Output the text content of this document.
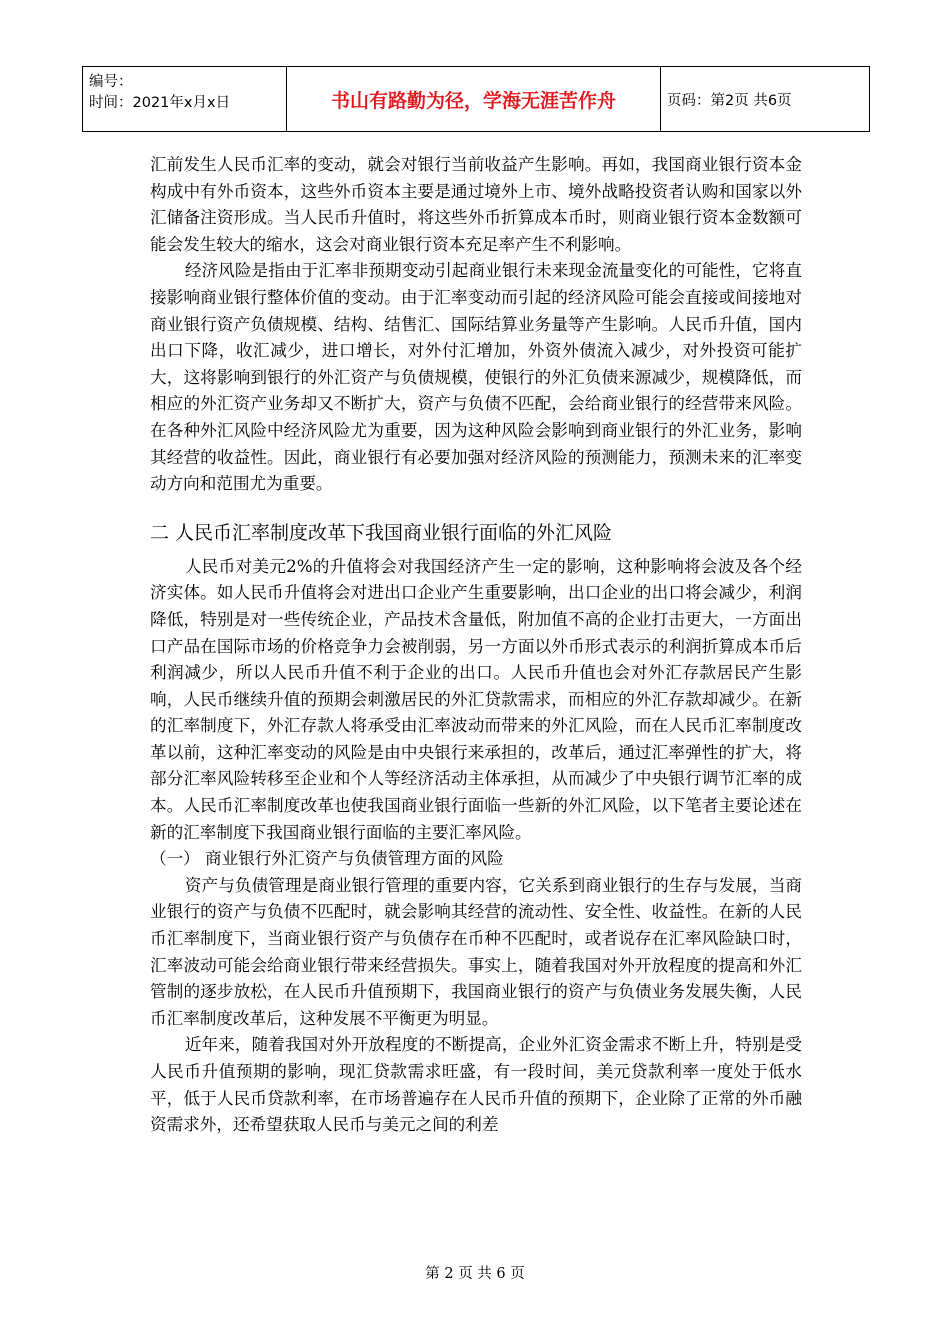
编号：
时间：2021年x月x日	书山有路勤为径，学海无涯苦作舟	页码：第2页 共6页

汇前发生人民币汇率的变动，就会对银行当前收益产生影响。再如，我国商业银行资本金构成中有外币资本，这些外币资本主要是通过境外上市、境外战略投资者认购和国家以外汇储备注资形成。当人民币升值时，将这些外币折算成本币时，则商业银行资本金数额可能会发生较大的缩水，这会对商业银行资本充足率产生不利影响。

经济风险是指由于汇率非预期变动引起商业银行未来现金流量变化的可能性，它将直接影响商业银行整体价值的变动。由于汇率变动而引起的经济风险可能会直接或间接地对商业银行资产负债规模、结构、结售汇、国际结算业务量等产生影响。人民币升值，国内出口下降，收汇减少，进口增长，对外付汇增加，外资外债流入减少，对外投资可能扩大，这将影响到银行的外汇资产与负债规模，使银行的外汇负债来源减少，规模降低，而相应的外汇资产业务却又不断扩大，资产与负债不匹配，会给商业银行的经营带来风险。在各种外汇风险中经济风险尤为重要，因为这种风险会影响到商业银行的外汇业务，影响其经营的收益性。因此，商业银行有必要加强对经济风险的预测能力，预测未来的汇率变动方向和范围尤为重要。

二 人民币汇率制度改革下我国商业银行面临的外汇风险

人民币对美元2%的升值将会对我国经济产生一定的影响，这种影响将会波及各个经济实体。如人民币升值将会对进出口企业产生重要影响，出口企业的出口将会减少，利润降低，特别是对一些传统企业，产品技术含量低，附加值不高的企业打击更大，一方面出口产品在国际市场的价格竞争力会被削弱，另一方面以外币形式表示的利润折算成本币后利润减少，所以人民币升值不利于企业的出口。人民币升值也会对外汇存款居民产生影响，人民币继续升值的预期会刺激居民的外汇贷款需求，而相应的外汇存款却减少。在新的汇率制度下，外汇存款人将承受由汇率波动而带来的外汇风险，而在人民币汇率制度改革以前，这种汇率变动的风险是由中央银行来承担的，改革后，通过汇率弹性的扩大，将部分汇率风险转移至企业和个人等经济活动主体承担，从而减少了中央银行调节汇率的成本。人民币汇率制度改革也使我国商业银行面临一些新的外汇风险，以下笔者主要论述在新的汇率制度下我国商业银行面临的主要汇率风险。

（一） 商业银行外汇资产与负债管理方面的风险

资产与负债管理是商业银行管理的重要内容，它关系到商业银行的生存与发展，当商业银行的资产与负债不匹配时，就会影响其经营的流动性、安全性、收益性。在新的人民币汇率制度下，当商业银行资产与负债存在币种不匹配时，或者说存在汇率风险缺口时，汇率波动可能会给商业银行带来经营损失。事实上，随着我国对外开放程度的提高和外汇管制的逐步放松，在人民币升值预期下，我国商业银行的资产与负债业务发展失衡，人民币汇率制度改革后，这种发展不平衡更为明显。

近年来，随着我国对外开放程度的不断提高，企业外汇资金需求不断上升，特别是受人民币升值预期的影响，现汇贷款需求旺盛，有一段时间，美元贷款利率一度处于低水平，低于人民币贷款利率，在市场普遍存在人民币升值的预期下，企业除了正常的外币融资需求外，还希望获取人民币与美元之间的利差

第 2 页 共 6 页
